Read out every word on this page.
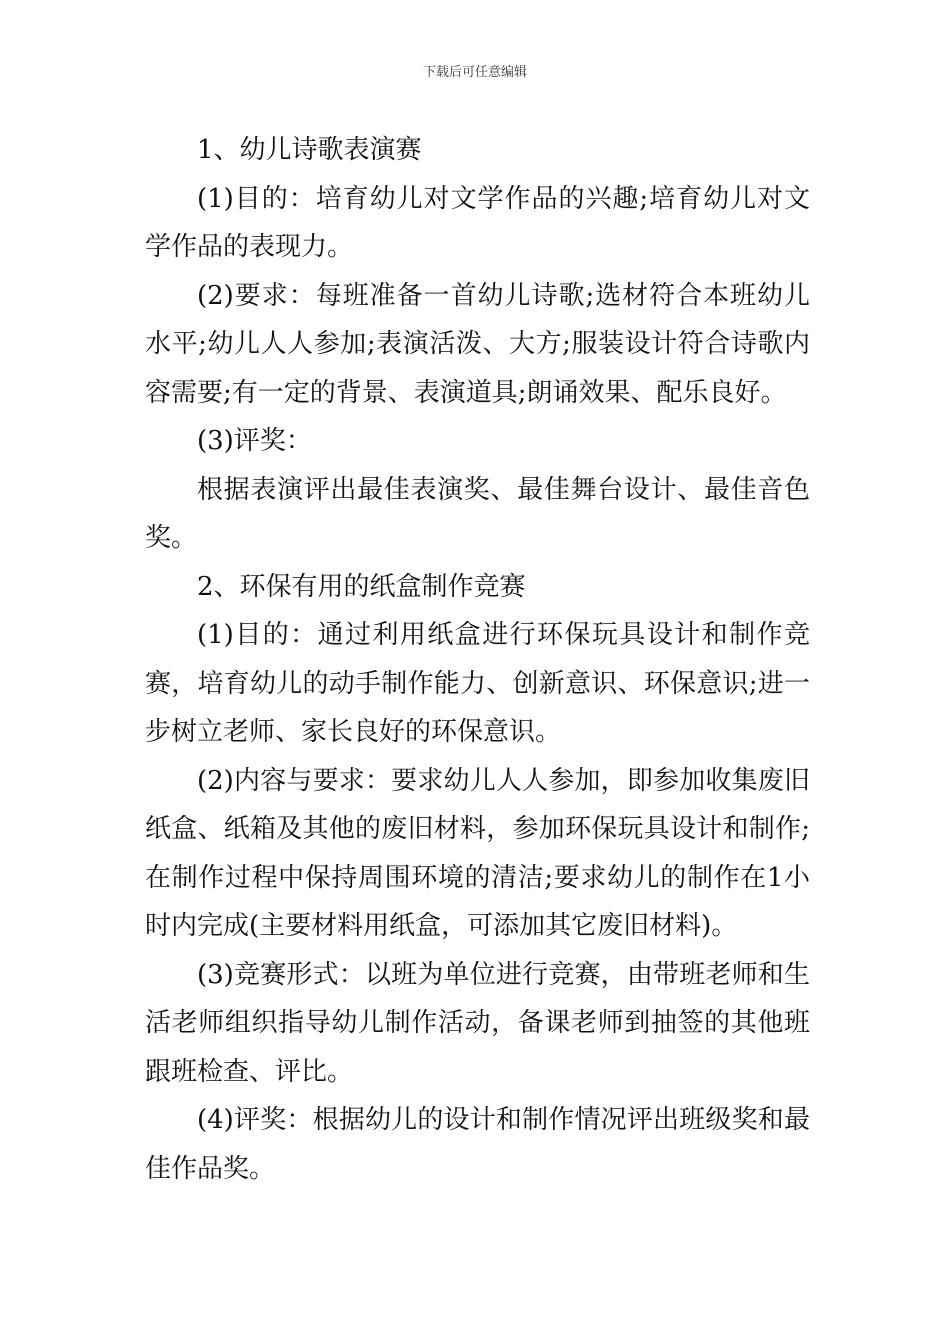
下载后可任意编辑

1、幼儿诗歌表演赛

(1)目的：培育幼儿对文学作品的兴趣;培育幼儿对文学作品的表现力。

(2)要求：每班准备一首幼儿诗歌;选材符合本班幼儿水平;幼儿人人参加;表演活泼、大方;服装设计符合诗歌内容需要;有一定的背景、表演道具;朗诵效果、配乐良好。

(3)评奖：

根据表演评出最佳表演奖、最佳舞台设计、最佳音色奖。

2、环保有用的纸盒制作竞赛

(1)目的：通过利用纸盒进行环保玩具设计和制作竞赛，培育幼儿的动手制作能力、创新意识、环保意识;进一步树立老师、家长良好的环保意识。

(2)内容与要求：要求幼儿人人参加，即参加收集废旧纸盒、纸箱及其他的废旧材料，参加环保玩具设计和制作;在制作过程中保持周围环境的清洁;要求幼儿的制作在1小时内完成(主要材料用纸盒，可添加其它废旧材料)。

(3)竞赛形式：以班为单位进行竞赛，由带班老师和生活老师组织指导幼儿制作活动，备课老师到抽签的其他班跟班检查、评比。

(4)评奖：根据幼儿的设计和制作情况评出班级奖和最佳作品奖。
